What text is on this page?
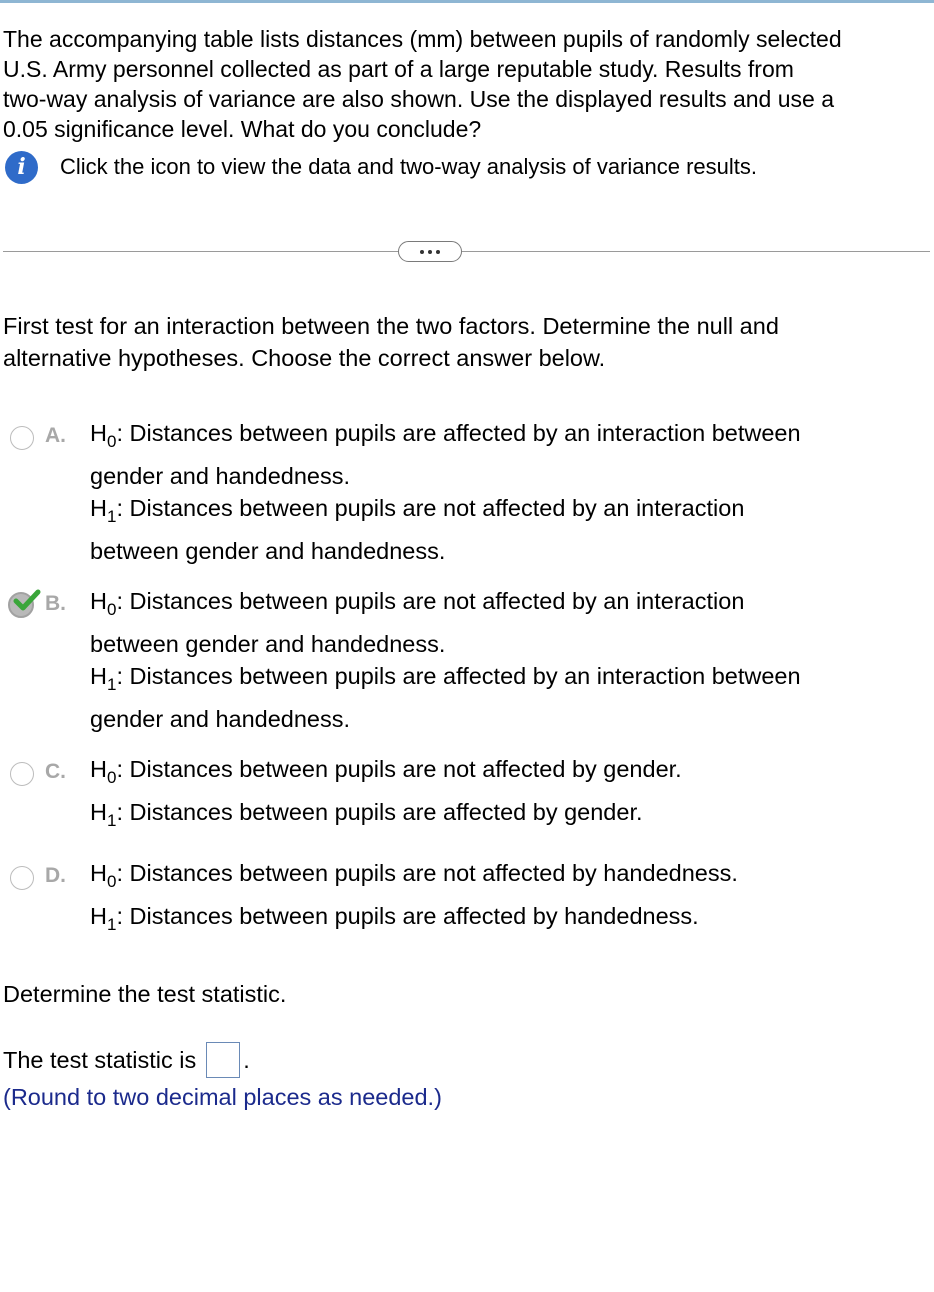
The accompanying table lists distances (mm) between pupils of randomly selected
U.S. Army personnel collected as part of a large reputable study. Results from
two-way analysis of variance are also shown. Use the displayed results and use a
0.05 significance level. What do you conclude?
i	Click the icon to view the data and two-way analysis of variance results.
First test for an interaction between the two factors. Determine the null and
alternative hypotheses. Choose the correct answer below.
A. $H_0$: Distances between pupils are affected by an interaction between
gender and handedness.
$H_1$: Distances between pupils are not affected by an interaction
between gender and handedness.
B. $H_0$: Distances between pupils are not affected by an interaction
between gender and handedness.
$H_1$: Distances between pupils are affected by an interaction between
gender and handedness.
C. $H_0$: Distances between pupils are not affected by gender.
$H_1$: Distances between pupils are affected by gender.
D. $H_0$: Distances between pupils are not affected by handedness.
$H_1$: Distances between pupils are affected by handedness.
Determine the test statistic.
The test statistic is .
(Round to two decimal places as needed.)
